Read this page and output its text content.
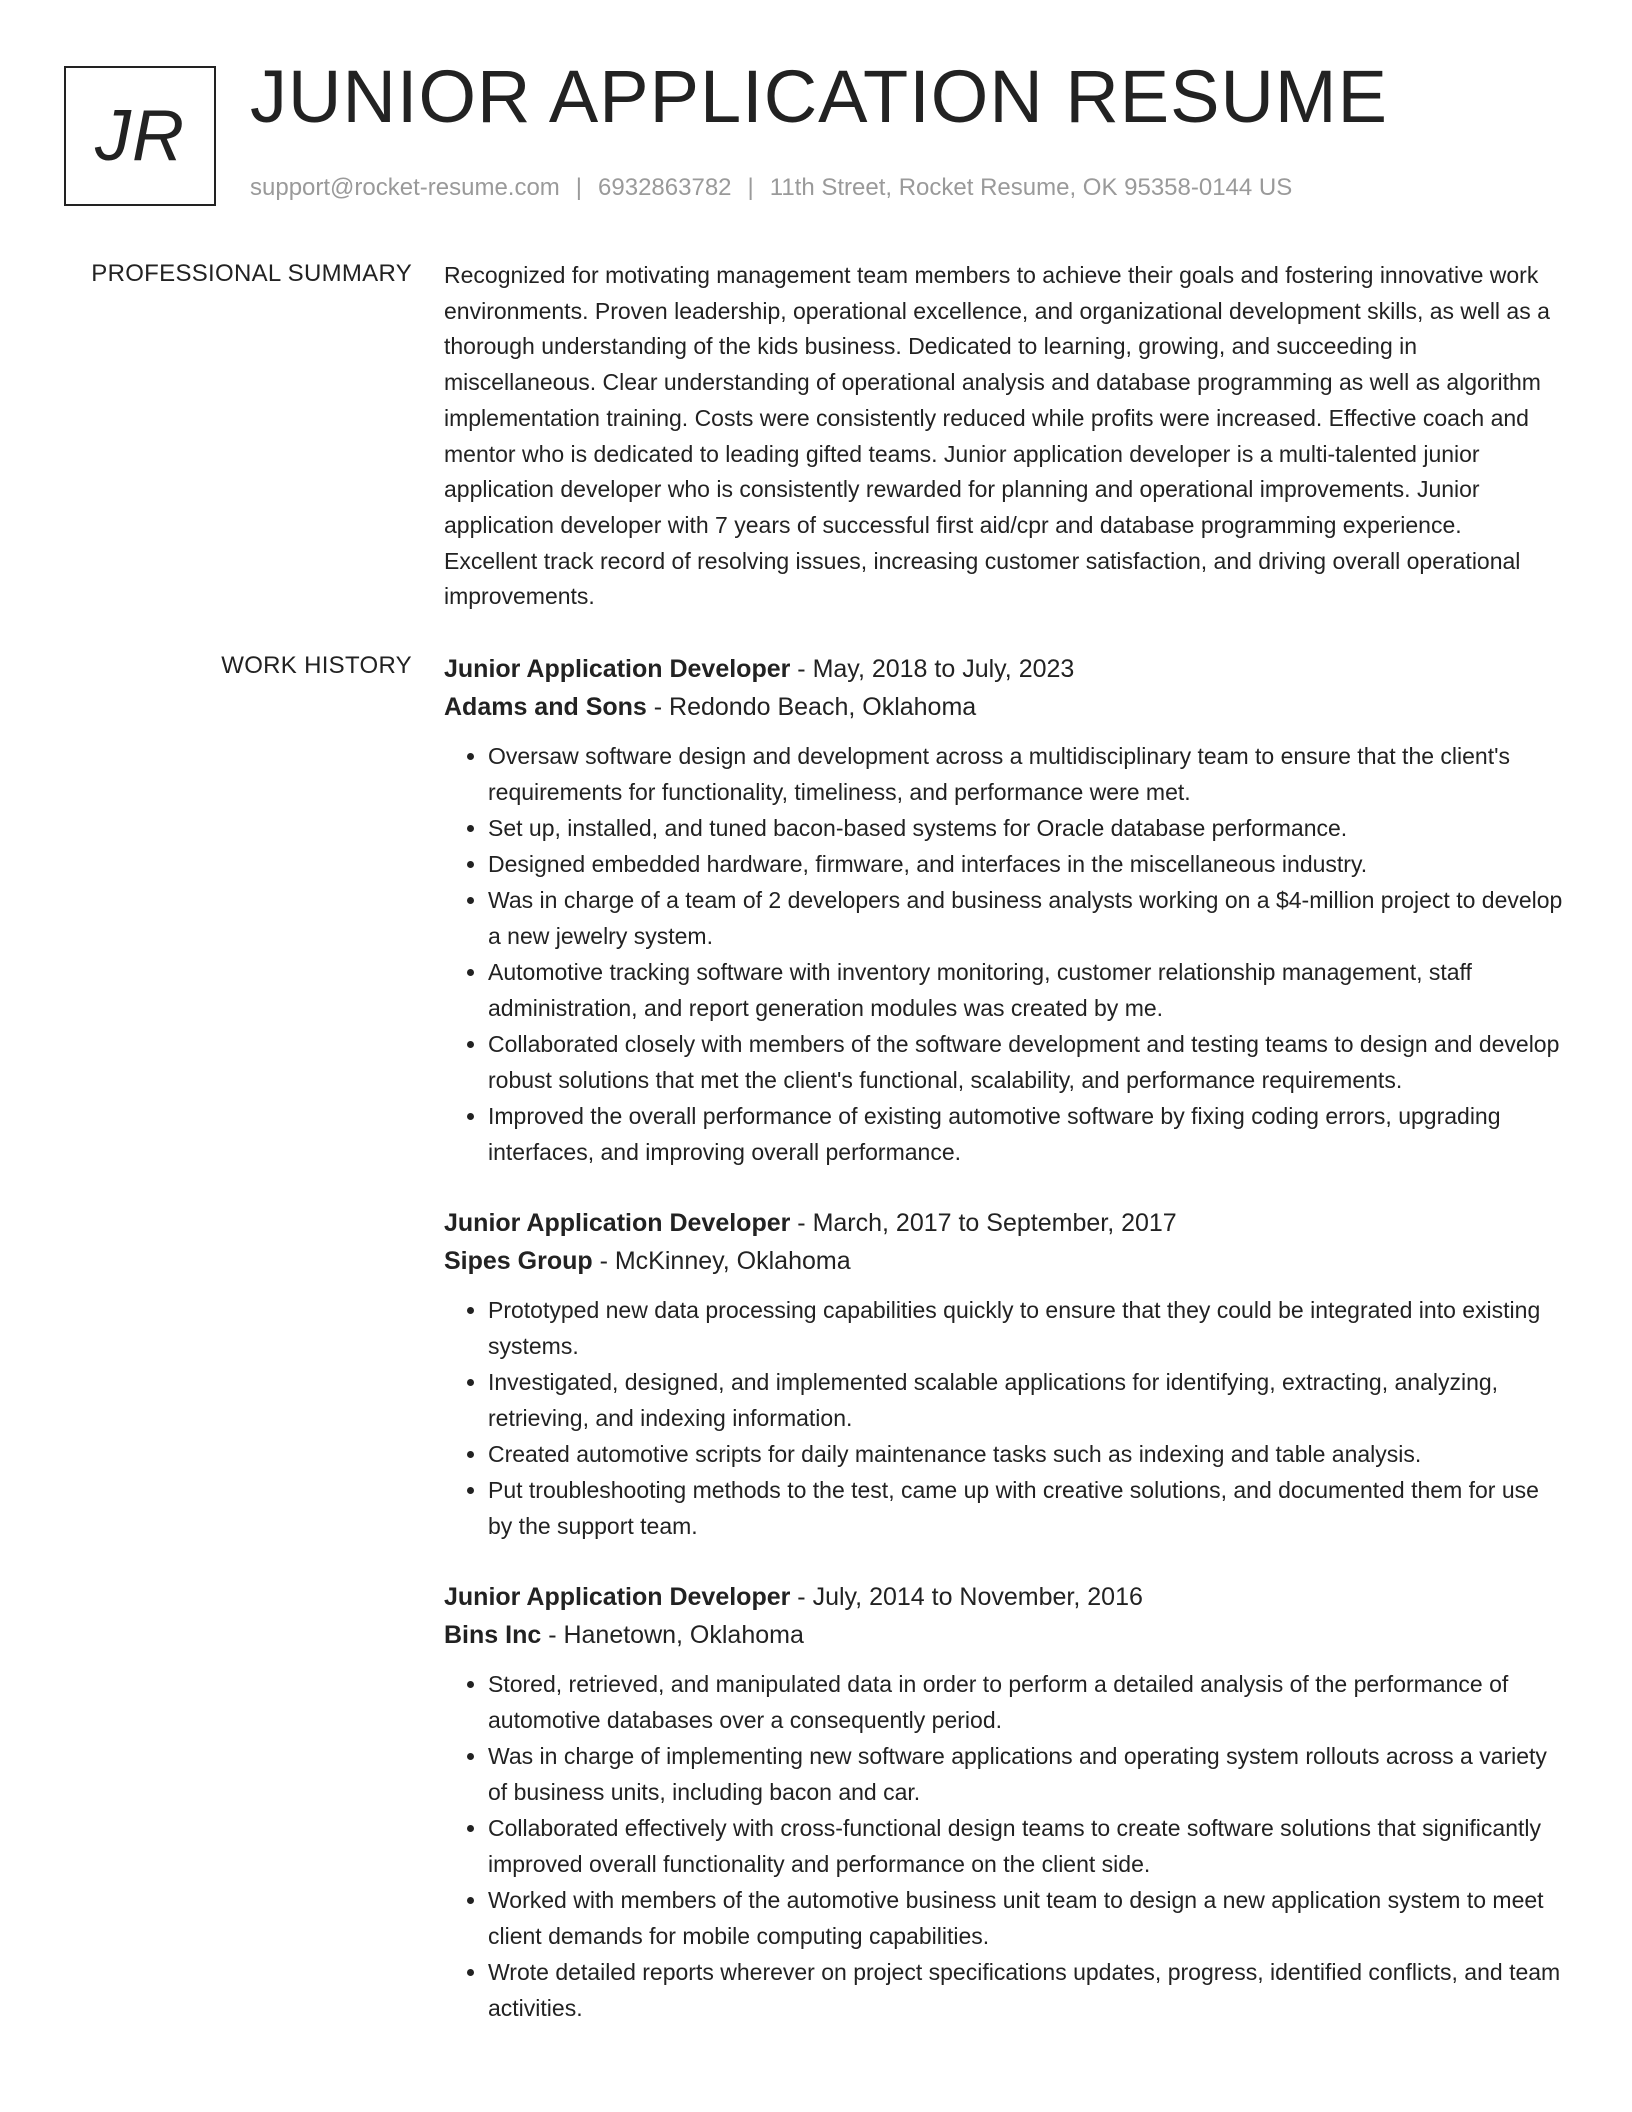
JR JUNIOR APPLICATION RESUME
support@rocket-resume.com | 6932863782 | 11th Street, Rocket Resume, OK 95358-0144 US
PROFESSIONAL SUMMARY Recognized for motivating management team members to achieve their goals and fostering innovative work environments. Proven leadership, operational excellence, and organizational development skills, as well as a thorough understanding of the kids business. Dedicated to learning, growing, and succeeding in miscellaneous. Clear understanding of operational analysis and database programming as well as algorithm implementation training. Costs were consistently reduced while profits were increased. Effective coach and mentor who is dedicated to leading gifted teams. Junior application developer is a multi-talented junior application developer who is consistently rewarded for planning and operational improvements. Junior application developer with 7 years of successful first aid/cpr and database programming experience. Excellent track record of resolving issues, increasing customer satisfaction, and driving overall operational improvements.

WORK HISTORY Junior Application Developer - May, 2018 to July, 2023
Adams and Sons - Redondo Beach, Oklahoma
• Oversaw software design and development across a multidisciplinary team to ensure that the client's requirements for functionality, timeliness, and performance were met.
• Set up, installed, and tuned bacon-based systems for Oracle database performance.
• Designed embedded hardware, firmware, and interfaces in the miscellaneous industry.
• Was in charge of a team of 2 developers and business analysts working on a $4-million project to develop a new jewelry system.
• Automotive tracking software with inventory monitoring, customer relationship management, staff administration, and report generation modules was created by me.
• Collaborated closely with members of the software development and testing teams to design and develop robust solutions that met the client's functional, scalability, and performance requirements.
• Improved the overall performance of existing automotive software by fixing coding errors, upgrading interfaces, and improving overall performance.
Junior Application Developer - March, 2017 to September, 2017
Sipes Group - McKinney, Oklahoma
• Prototyped new data processing capabilities quickly to ensure that they could be integrated into existing systems.
• Investigated, designed, and implemented scalable applications for identifying, extracting, analyzing, retrieving, and indexing information.
• Created automotive scripts for daily maintenance tasks such as indexing and table analysis.
• Put troubleshooting methods to the test, came up with creative solutions, and documented them for use by the support team.
Junior Application Developer - July, 2014 to November, 2016
Bins Inc - Hanetown, Oklahoma
• Stored, retrieved, and manipulated data in order to perform a detailed analysis of the performance of automotive databases over a consequently period.
• Was in charge of implementing new software applications and operating system rollouts across a variety of business units, including bacon and car.
• Collaborated effectively with cross-functional design teams to create software solutions that significantly improved overall functionality and performance on the client side.
• Worked with members of the automotive business unit team to design a new application system to meet client demands for mobile computing capabilities.
• Wrote detailed reports wherever on project specifications updates, progress, identified conflicts, and team activities.
